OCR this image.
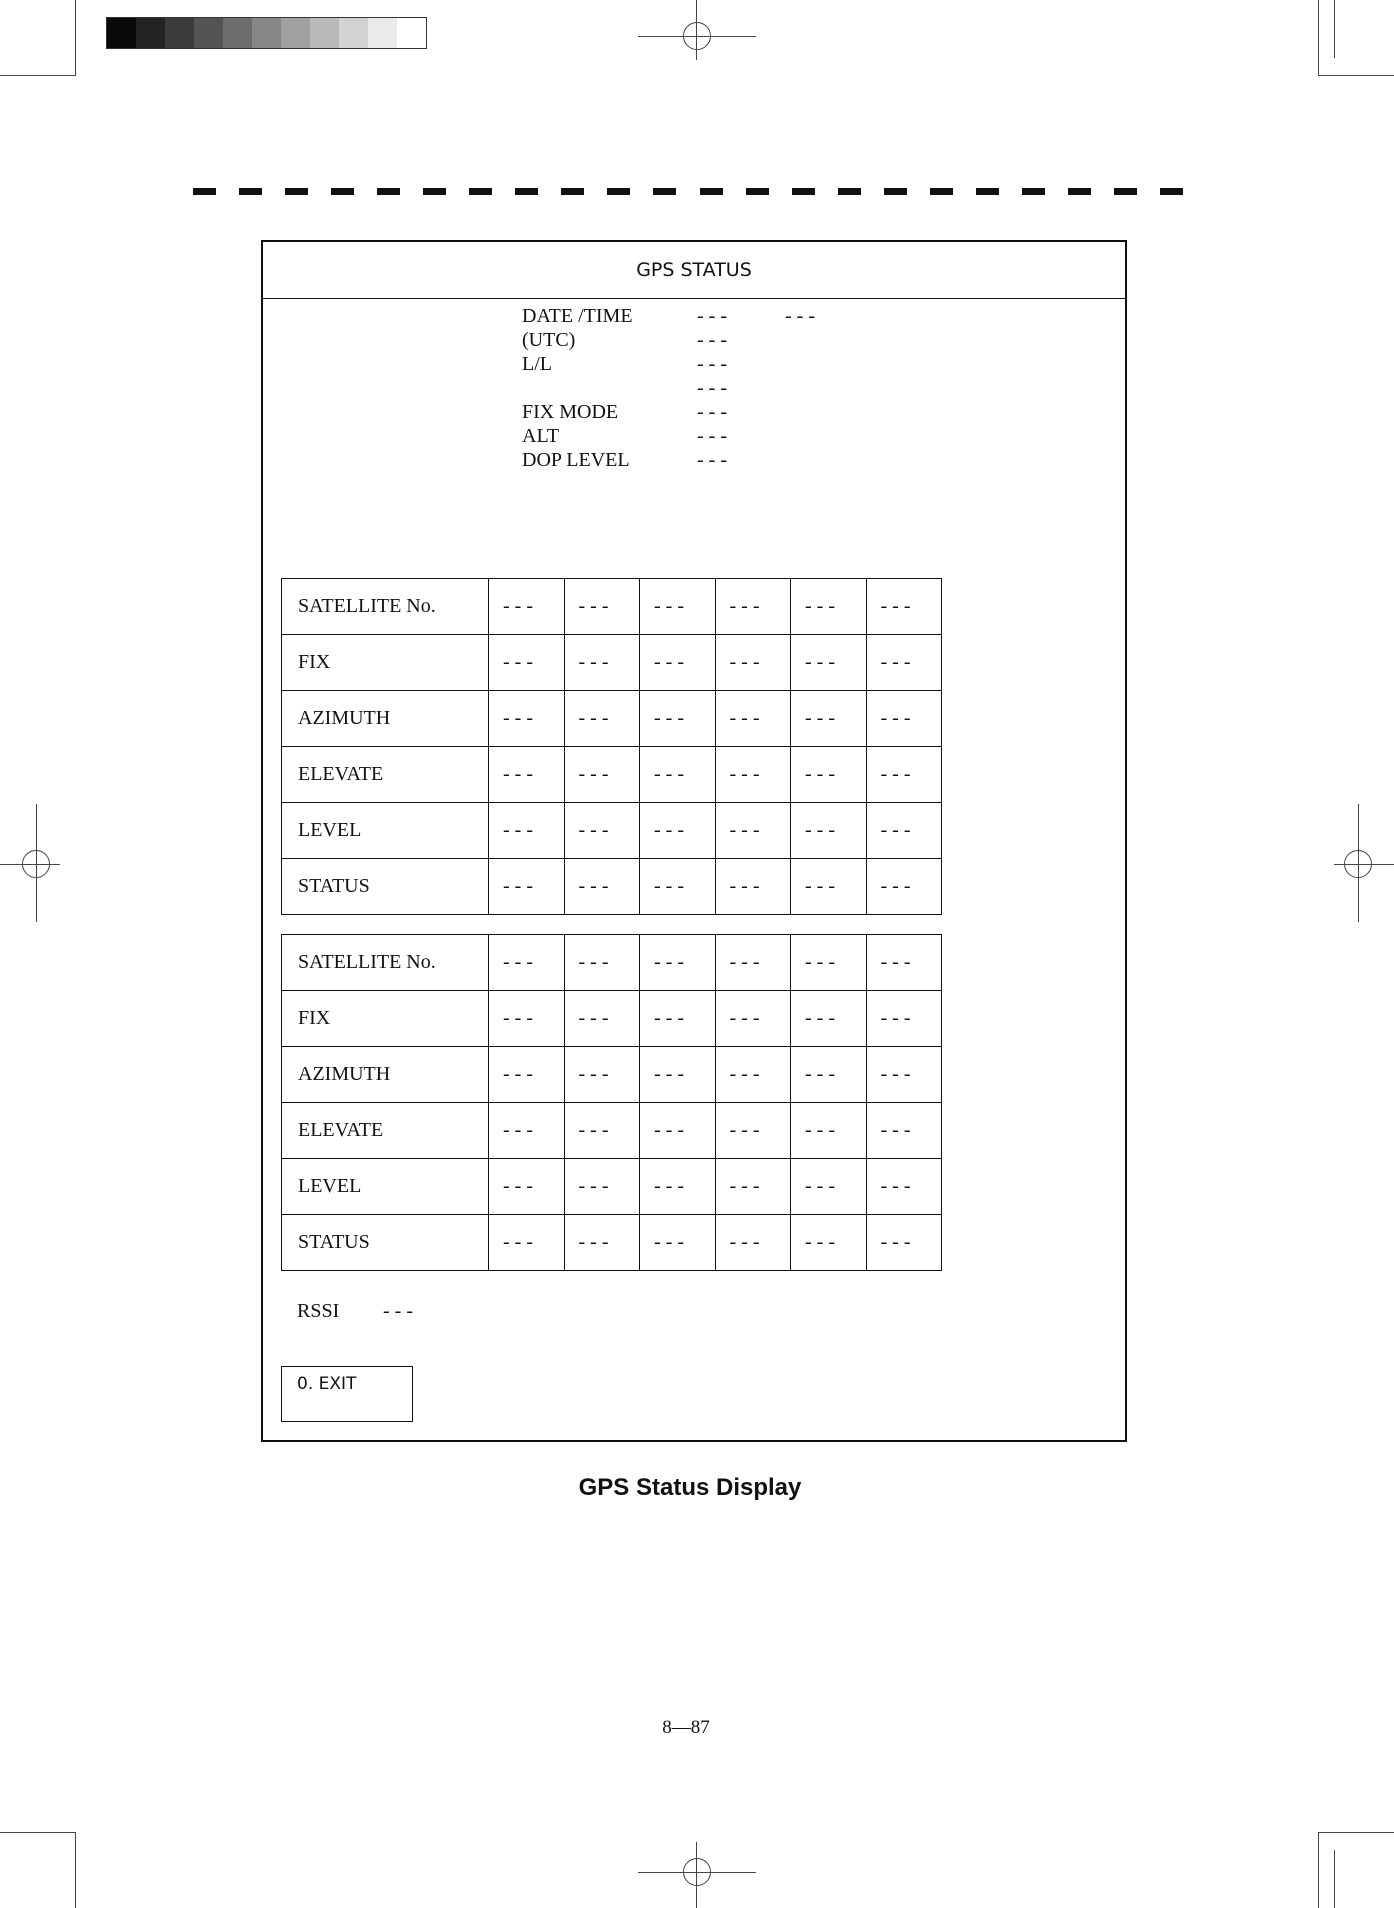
GPS STATUS
DATE /TIME	- - -	- - -
(UTC)	- - -
L/L	- - -
- - -
FIX MODE	- - -
ALT	- - -
DOP LEVEL	- - -
SATELLITE No.	- - -	- - -	- - -	- - -	- - -	- - -
FIX	- - -	- - -	- - -	- - -	- - -	- - -
AZIMUTH	- - -	- - -	- - -	- - -	- - -	- - -
ELEVATE	- - -	- - -	- - -	- - -	- - -	- - -
LEVEL	- - -	- - -	- - -	- - -	- - -	- - -
STATUS	- - -	- - -	- - -	- - -	- - -	- - -
SATELLITE No.	- - -	- - -	- - -	- - -	- - -	- - -
FIX	- - -	- - -	- - -	- - -	- - -	- - -
AZIMUTH	- - -	- - -	- - -	- - -	- - -	- - -
ELEVATE	- - -	- - -	- - -	- - -	- - -	- - -
LEVEL	- - -	- - -	- - -	- - -	- - -	- - -
STATUS	- - -	- - -	- - -	- - -	- - -	- - -
RSSI	- - -
0. EXIT
GPS Status Display
8—87
